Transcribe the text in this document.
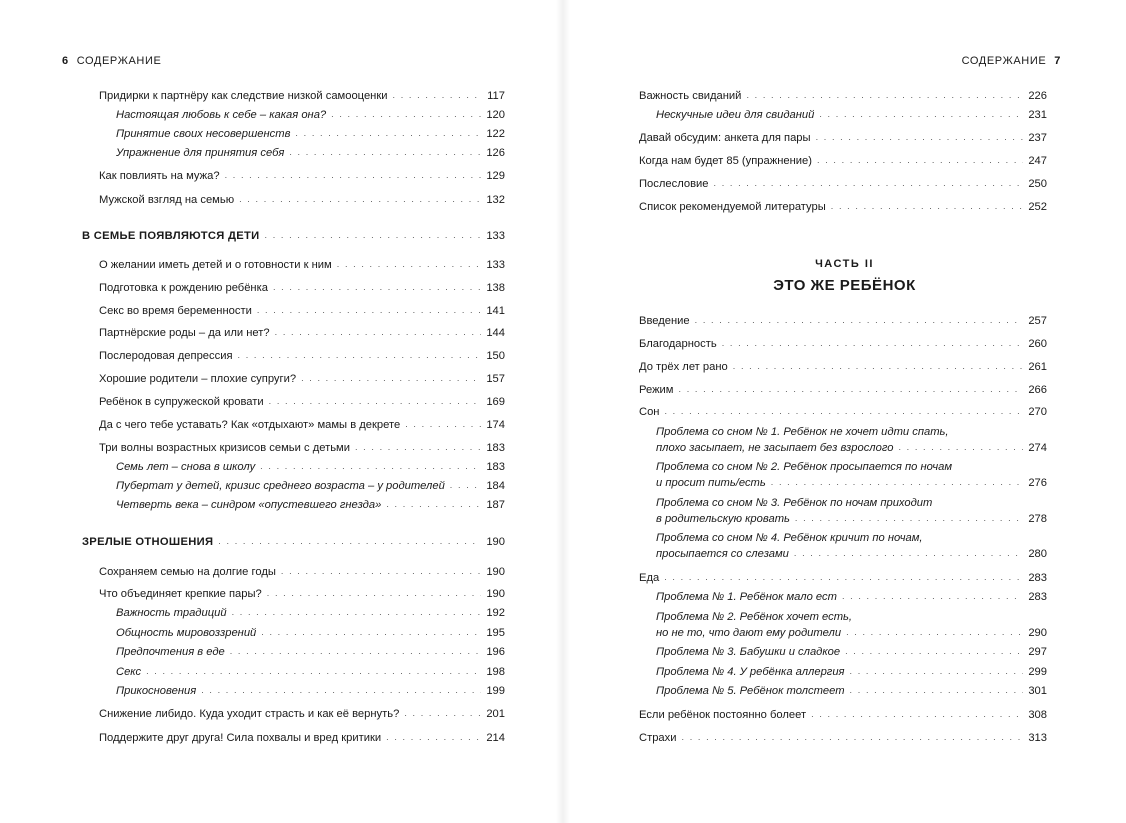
6 СОДЕРЖАНИЕ
Придирки к партнёру как следствие низкой самооценки . . .	117
Настоящая любовь к себе – какая она? . . .	120
Принятие своих несовершенств . . .	122
Упражнение для принятия себя . . .	126
Как повлиять на мужа? . . .	129
Мужской взгляд на семью . . .	132
В СЕМЬЕ ПОЯВЛЯЮТСЯ ДЕТИ . . .	133
О желании иметь детей и о готовности к ним . . .	133
Подготовка к рождению ребёнка . . .	138
Секс во время беременности . . .	141
Партнёрские роды – да или нет? . . .	144
Послеродовая депрессия . . .	150
Хорошие родители – плохие супруги? . . .	157
Ребёнок в супружеской кровати . . .	169
Да с чего тебе уставать? Как «отдыхают» мамы в декрете . . .	174
Три волны возрастных кризисов семьи с детьми . . .	183
Семь лет – снова в школу . . .	183
Пубертат у детей, кризис среднего возраста – у родителей . . .	184
Четверть века – синдром «опустевшего гнезда» . . .	187
ЗРЕЛЫЕ ОТНОШЕНИЯ . . .	190
Сохраняем семью на долгие годы . . .	190
Что объединяет крепкие пары? . . .	190
Важность традиций . . .	192
Общность мировоззрений . . .	195
Предпочтения в еде . . .	196
Секс . . .	198
Прикосновения . . .	199
Снижение либидо. Куда уходит страсть и как её вернуть? . . .	201
Поддержите друг друга! Сила похвалы и вред критики . . .	214
СОДЕРЖАНИЕ 7
Важность свиданий . . .	226
Нескучные идеи для свиданий . . .	231
Давай обсудим: анкета для пары . . .	237
Когда нам будет 85 (упражнение) . . .	247
Послесловие . . .	250
Список рекомендуемой литературы . . .	252
ЧАСТЬ II
ЭТО ЖЕ РЕБЁНОК
Введение . . .	257
Благодарность . . .	260
До трёх лет рано . . .	261
Режим . . .	266
Сон . . .	270
Проблема со сном № 1. Ребёнок не хочет идти спать,
плохо засыпает, не засыпает без взрослого . . .	274
Проблема со сном № 2. Ребёнок просыпается по ночам
и просит пить/есть . . .	276
Проблема со сном № 3. Ребёнок по ночам приходит
в родительскую кровать . . .	278
Проблема со сном № 4. Ребёнок кричит по ночам,
просыпается со слезами . . .	280
Еда . . .	283
Проблема № 1. Ребёнок мало ест . . .	283
Проблема № 2. Ребёнок хочет есть,
но не то, что дают ему родители . . .	290
Проблема № 3. Бабушки и сладкое . . .	297
Проблема № 4. У ребёнка аллергия . . .	299
Проблема № 5. Ребёнок толстеет . . .	301
Если ребёнок постоянно болеет . . .	308
Страхи . . .	313
